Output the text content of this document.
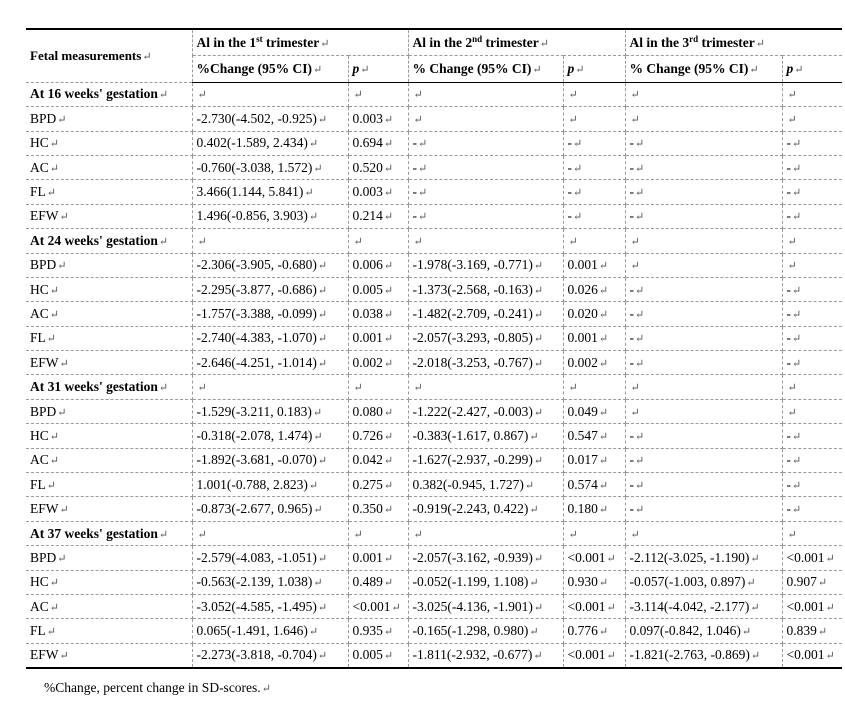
Fetal measurements↵	Al in the 1st trimester↵		Al in the 2nd trimester↵		Al in the 3rd trimester↵	
	%Change (95% CI)↵	p↵	% Change (95% CI)↵	p↵	% Change (95% CI)↵	p↵
At 16 weeks' gestation↵	↵	↵	↵	↵	↵	↵
BPD↵	-2.730(-4.502, -0.925)↵	0.003↵	↵	↵	↵	↵
HC↵	0.402(-1.589, 2.434)↵	0.694↵	-↵	-↵	-↵	-↵
AC↵	-0.760(-3.038, 1.572)↵	0.520↵	-↵	-↵	-↵	-↵
FL↵	3.466(1.144, 5.841)↵	0.003↵	-↵	-↵	-↵	-↵
EFW↵	1.496(-0.856, 3.903)↵	0.214↵	-↵	-↵	-↵	-↵
At 24 weeks' gestation↵	↵	↵	↵	↵	↵	↵
BPD↵	-2.306(-3.905, -0.680)↵	0.006↵	-1.978(-3.169, -0.771)↵	0.001↵	↵	↵
HC↵	-2.295(-3.877, -0.686)↵	0.005↵	-1.373(-2.568, -0.163)↵	0.026↵	-↵	-↵
AC↵	-1.757(-3.388, -0.099)↵	0.038↵	-1.482(-2.709, -0.241)↵	0.020↵	-↵	-↵
FL↵	-2.740(-4.383, -1.070)↵	0.001↵	-2.057(-3.293, -0.805)↵	0.001↵	-↵	-↵
EFW↵	-2.646(-4.251, -1.014)↵	0.002↵	-2.018(-3.253, -0.767)↵	0.002↵	-↵	-↵
At 31 weeks' gestation↵	↵	↵	↵	↵	↵	↵
BPD↵	-1.529(-3.211, 0.183)↵	0.080↵	-1.222(-2.427, -0.003)↵	0.049↵	↵	↵
HC↵	-0.318(-2.078, 1.474)↵	0.726↵	-0.383(-1.617, 0.867)↵	0.547↵	-↵	-↵
AC↵	-1.892(-3.681, -0.070)↵	0.042↵	-1.627(-2.937, -0.299)↵	0.017↵	-↵	-↵
FL↵	1.001(-0.788, 2.823)↵	0.275↵	0.382(-0.945, 1.727)↵	0.574↵	-↵	-↵
EFW↵	-0.873(-2.677, 0.965)↵	0.350↵	-0.919(-2.243, 0.422)↵	0.180↵	-↵	-↵
At 37 weeks' gestation↵	↵	↵	↵	↵	↵	↵
BPD↵	-2.579(-4.083, -1.051)↵	0.001↵	-2.057(-3.162, -0.939)↵	<0.001↵	-2.112(-3.025, -1.190)↵	<0.001↵
HC↵	-0.563(-2.139, 1.038)↵	0.489↵	-0.052(-1.199, 1.108)↵	0.930↵	-0.057(-1.003, 0.897)↵	0.907↵
AC↵	-3.052(-4.585, -1.495)↵	<0.001↵	-3.025(-4.136, -1.901)↵	<0.001↵	-3.114(-4.042, -2.177)↵	<0.001↵
FL↵	0.065(-1.491, 1.646)↵	0.935↵	-0.165(-1.298, 0.980)↵	0.776↵	0.097(-0.842, 1.046)↵	0.839↵
EFW↵	-2.273(-3.818, -0.704)↵	0.005↵	-1.811(-2.932, -0.677)↵	<0.001↵	-1.821(-2.763, -0.869)↵	<0.001↵
%Change, percent change in SD-scores.↵
